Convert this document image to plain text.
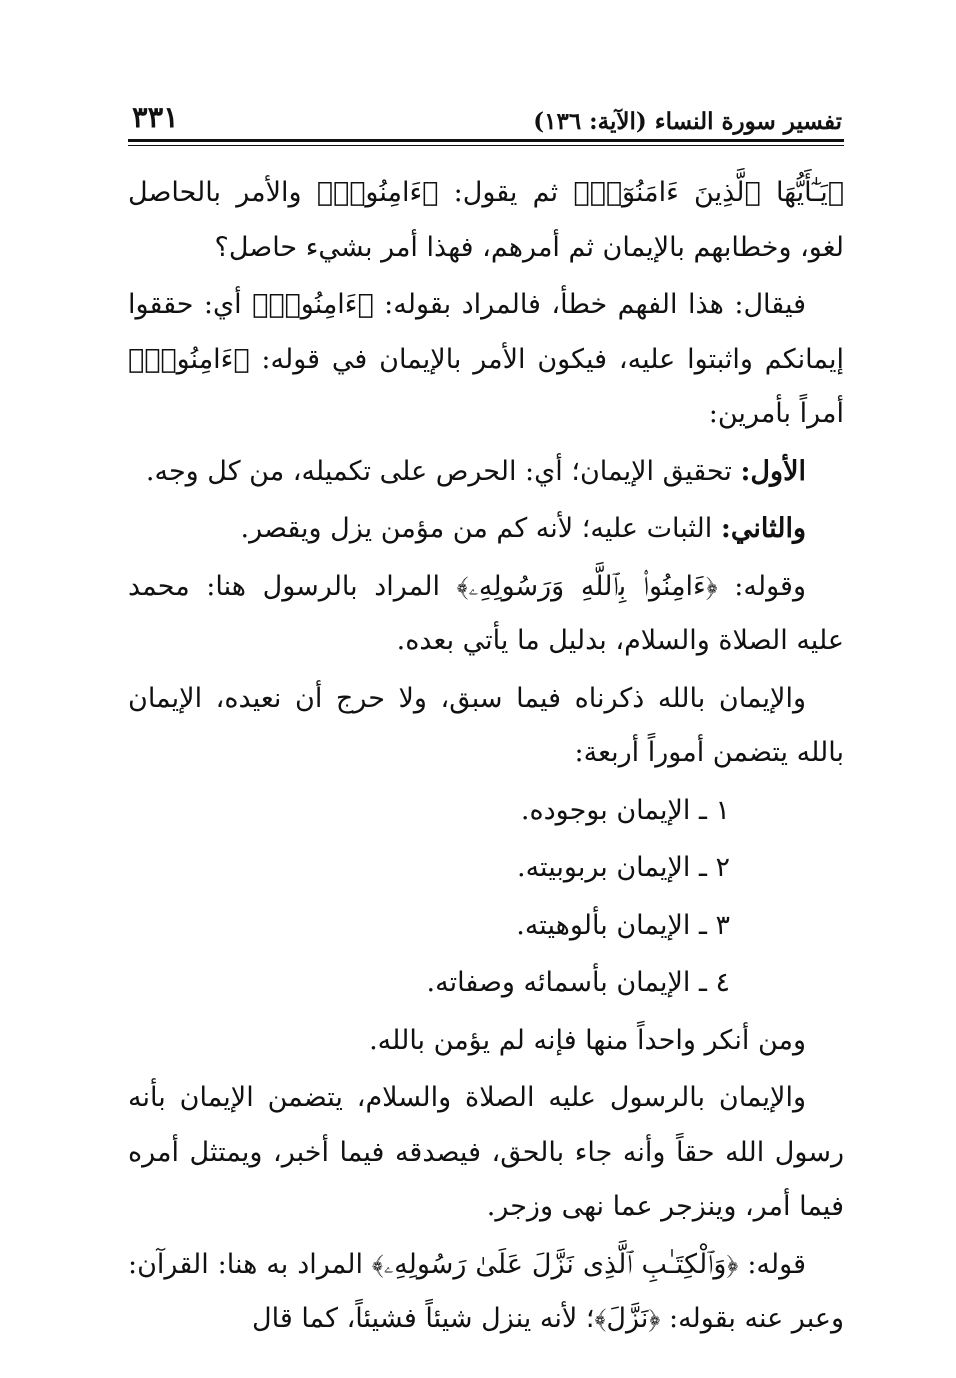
تفسير سورة النساء (الآية: ١٣٦)
٣٣١

﴿يَـٰٓأَيُّهَا ٱلَّذِينَ ءَامَنُوٓا۟﴾ ثم يقول: ﴿ءَامِنُوا۟﴾ والأمر بالحاصل لغو، وخطابهم بالإيمان ثم أمرهم، فهذا أمر بشيء حاصل؟

فيقال: هذا الفهم خطأ، فالمراد بقوله: ﴿ءَامِنُوا۟﴾ أي: حققوا إيمانكم واثبتوا عليه، فيكون الأمر بالإيمان في قوله: ﴿ءَامِنُوا۟﴾ أمراً بأمرين:

الأول: تحقيق الإيمان؛ أي: الحرص على تكميله، من كل وجه.

والثاني: الثبات عليه؛ لأنه كم من مؤمن يزل ويقصر.

وقوله: ﴿ءَامِنُوا۟ بِٱللَّهِ وَرَسُولِهِۦ﴾ المراد بالرسول هنا: محمد عليه الصلاة والسلام، بدليل ما يأتي بعده.

والإيمان بالله ذكرناه فيما سبق، ولا حرج أن نعيده، الإيمان بالله يتضمن أموراً أربعة:

١ ـ الإيمان بوجوده.
٢ ـ الإيمان بربوبيته.
٣ ـ الإيمان بألوهيته.
٤ ـ الإيمان بأسمائه وصفاته.

ومن أنكر واحداً منها فإنه لم يؤمن بالله.

والإيمان بالرسول عليه الصلاة والسلام، يتضمن الإيمان بأنه رسول الله حقاً وأنه جاء بالحق، فيصدقه فيما أخبر، ويمتثل أمره فيما أمر، وينزجر عما نهى وزجر.

قوله: ﴿وَٱلْكِتَـٰبِ ٱلَّذِى نَزَّلَ عَلَىٰ رَسُولِهِۦ﴾ المراد به هنا: القرآن: وعبر عنه بقوله: ﴿نَزَّلَ﴾؛ لأنه ينزل شيئاً فشيئاً، كما قال
